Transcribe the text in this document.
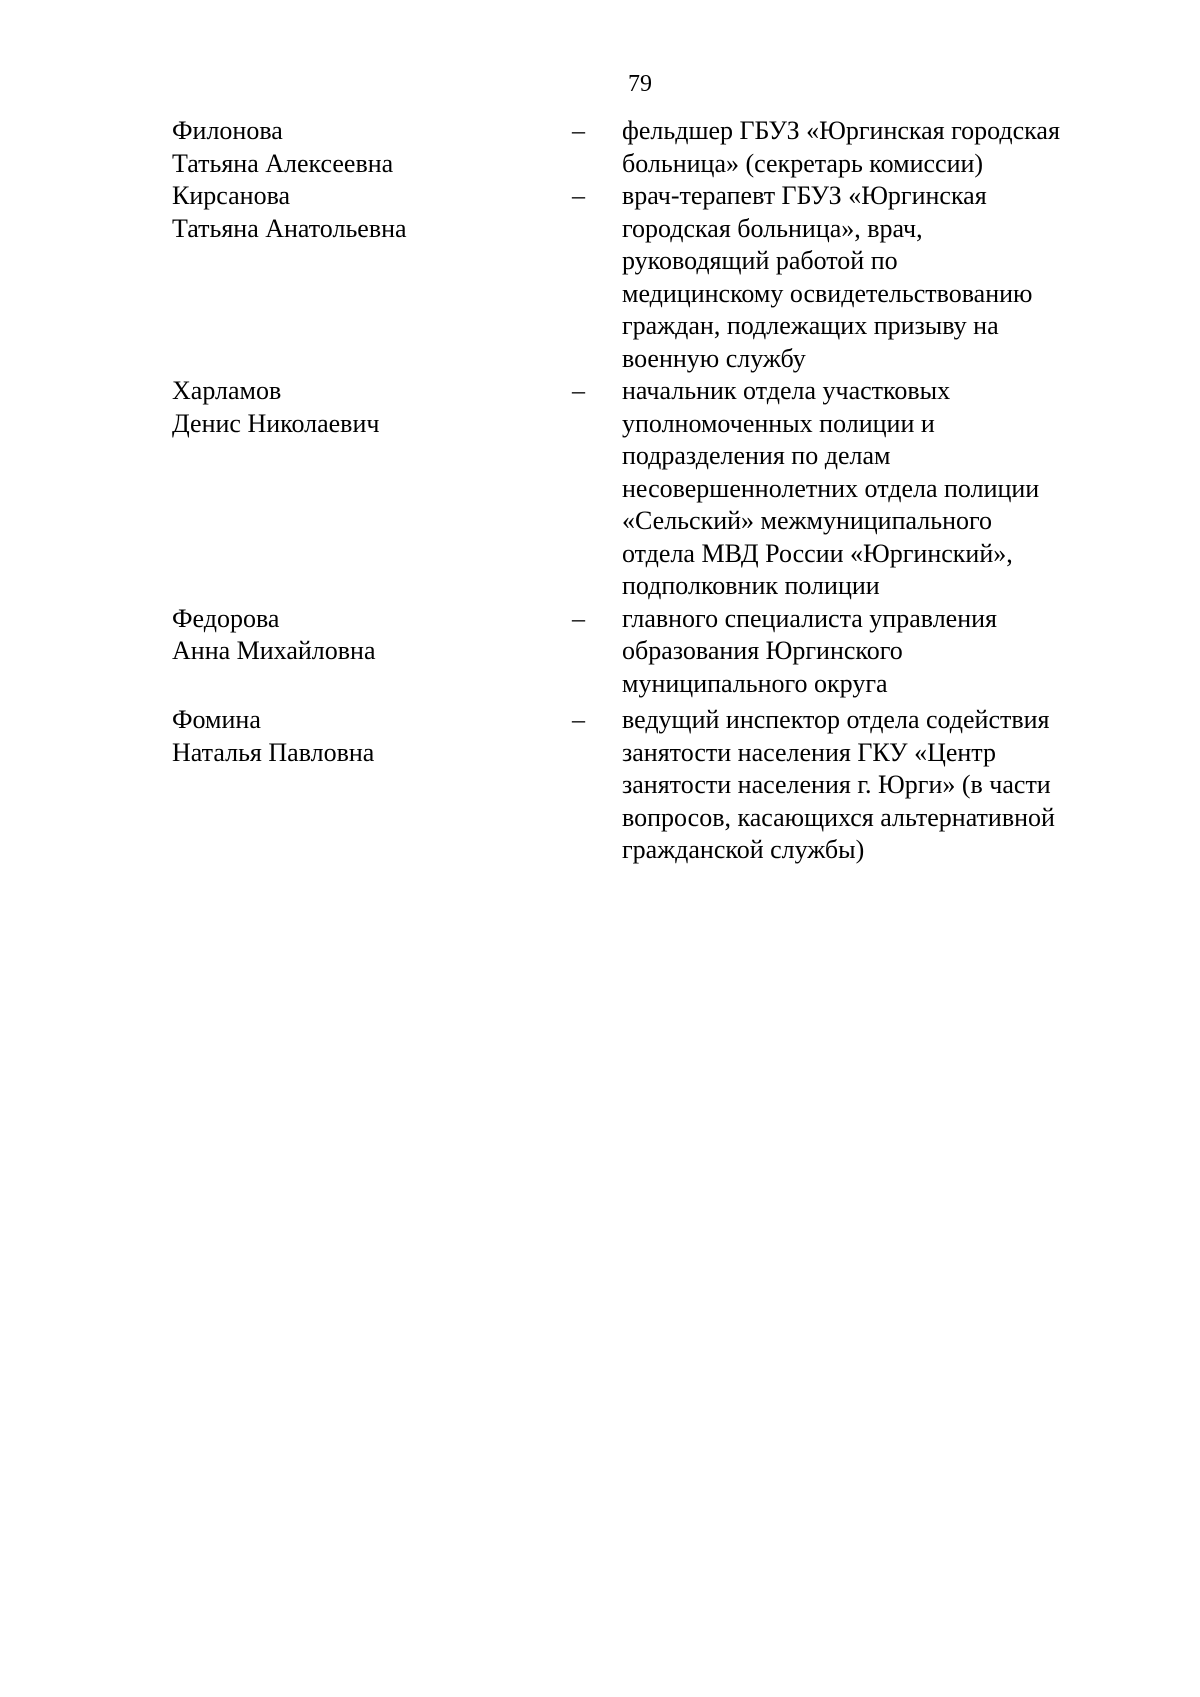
79
Филонова
Татьяна Алексеевна
–	фельдшер ГБУЗ «Юргинская городская
больница» (секретарь комиссии)
Кирсанова
Татьяна Анатольевна
–	врач-терапевт ГБУЗ «Юргинская
городская больница», врач,
руководящий работой по
медицинскому освидетельствованию
граждан, подлежащих призыву на
военную службу
Харламов
Денис Николаевич
–	начальник отдела участковых
уполномоченных полиции и
подразделения по делам
несовершеннолетних отдела полиции
«Сельский» межмуниципального
отдела МВД России «Юргинский»,
подполковник полиции
Федорова
Анна Михайловна
–	главного специалиста управления
образования Юргинского
муниципального округа
Фомина
Наталья Павловна
–	ведущий инспектор отдела содействия
занятости населения ГКУ «Центр
занятости населения г. Юрги» (в части
вопросов, касающихся альтернативной
гражданской службы)
